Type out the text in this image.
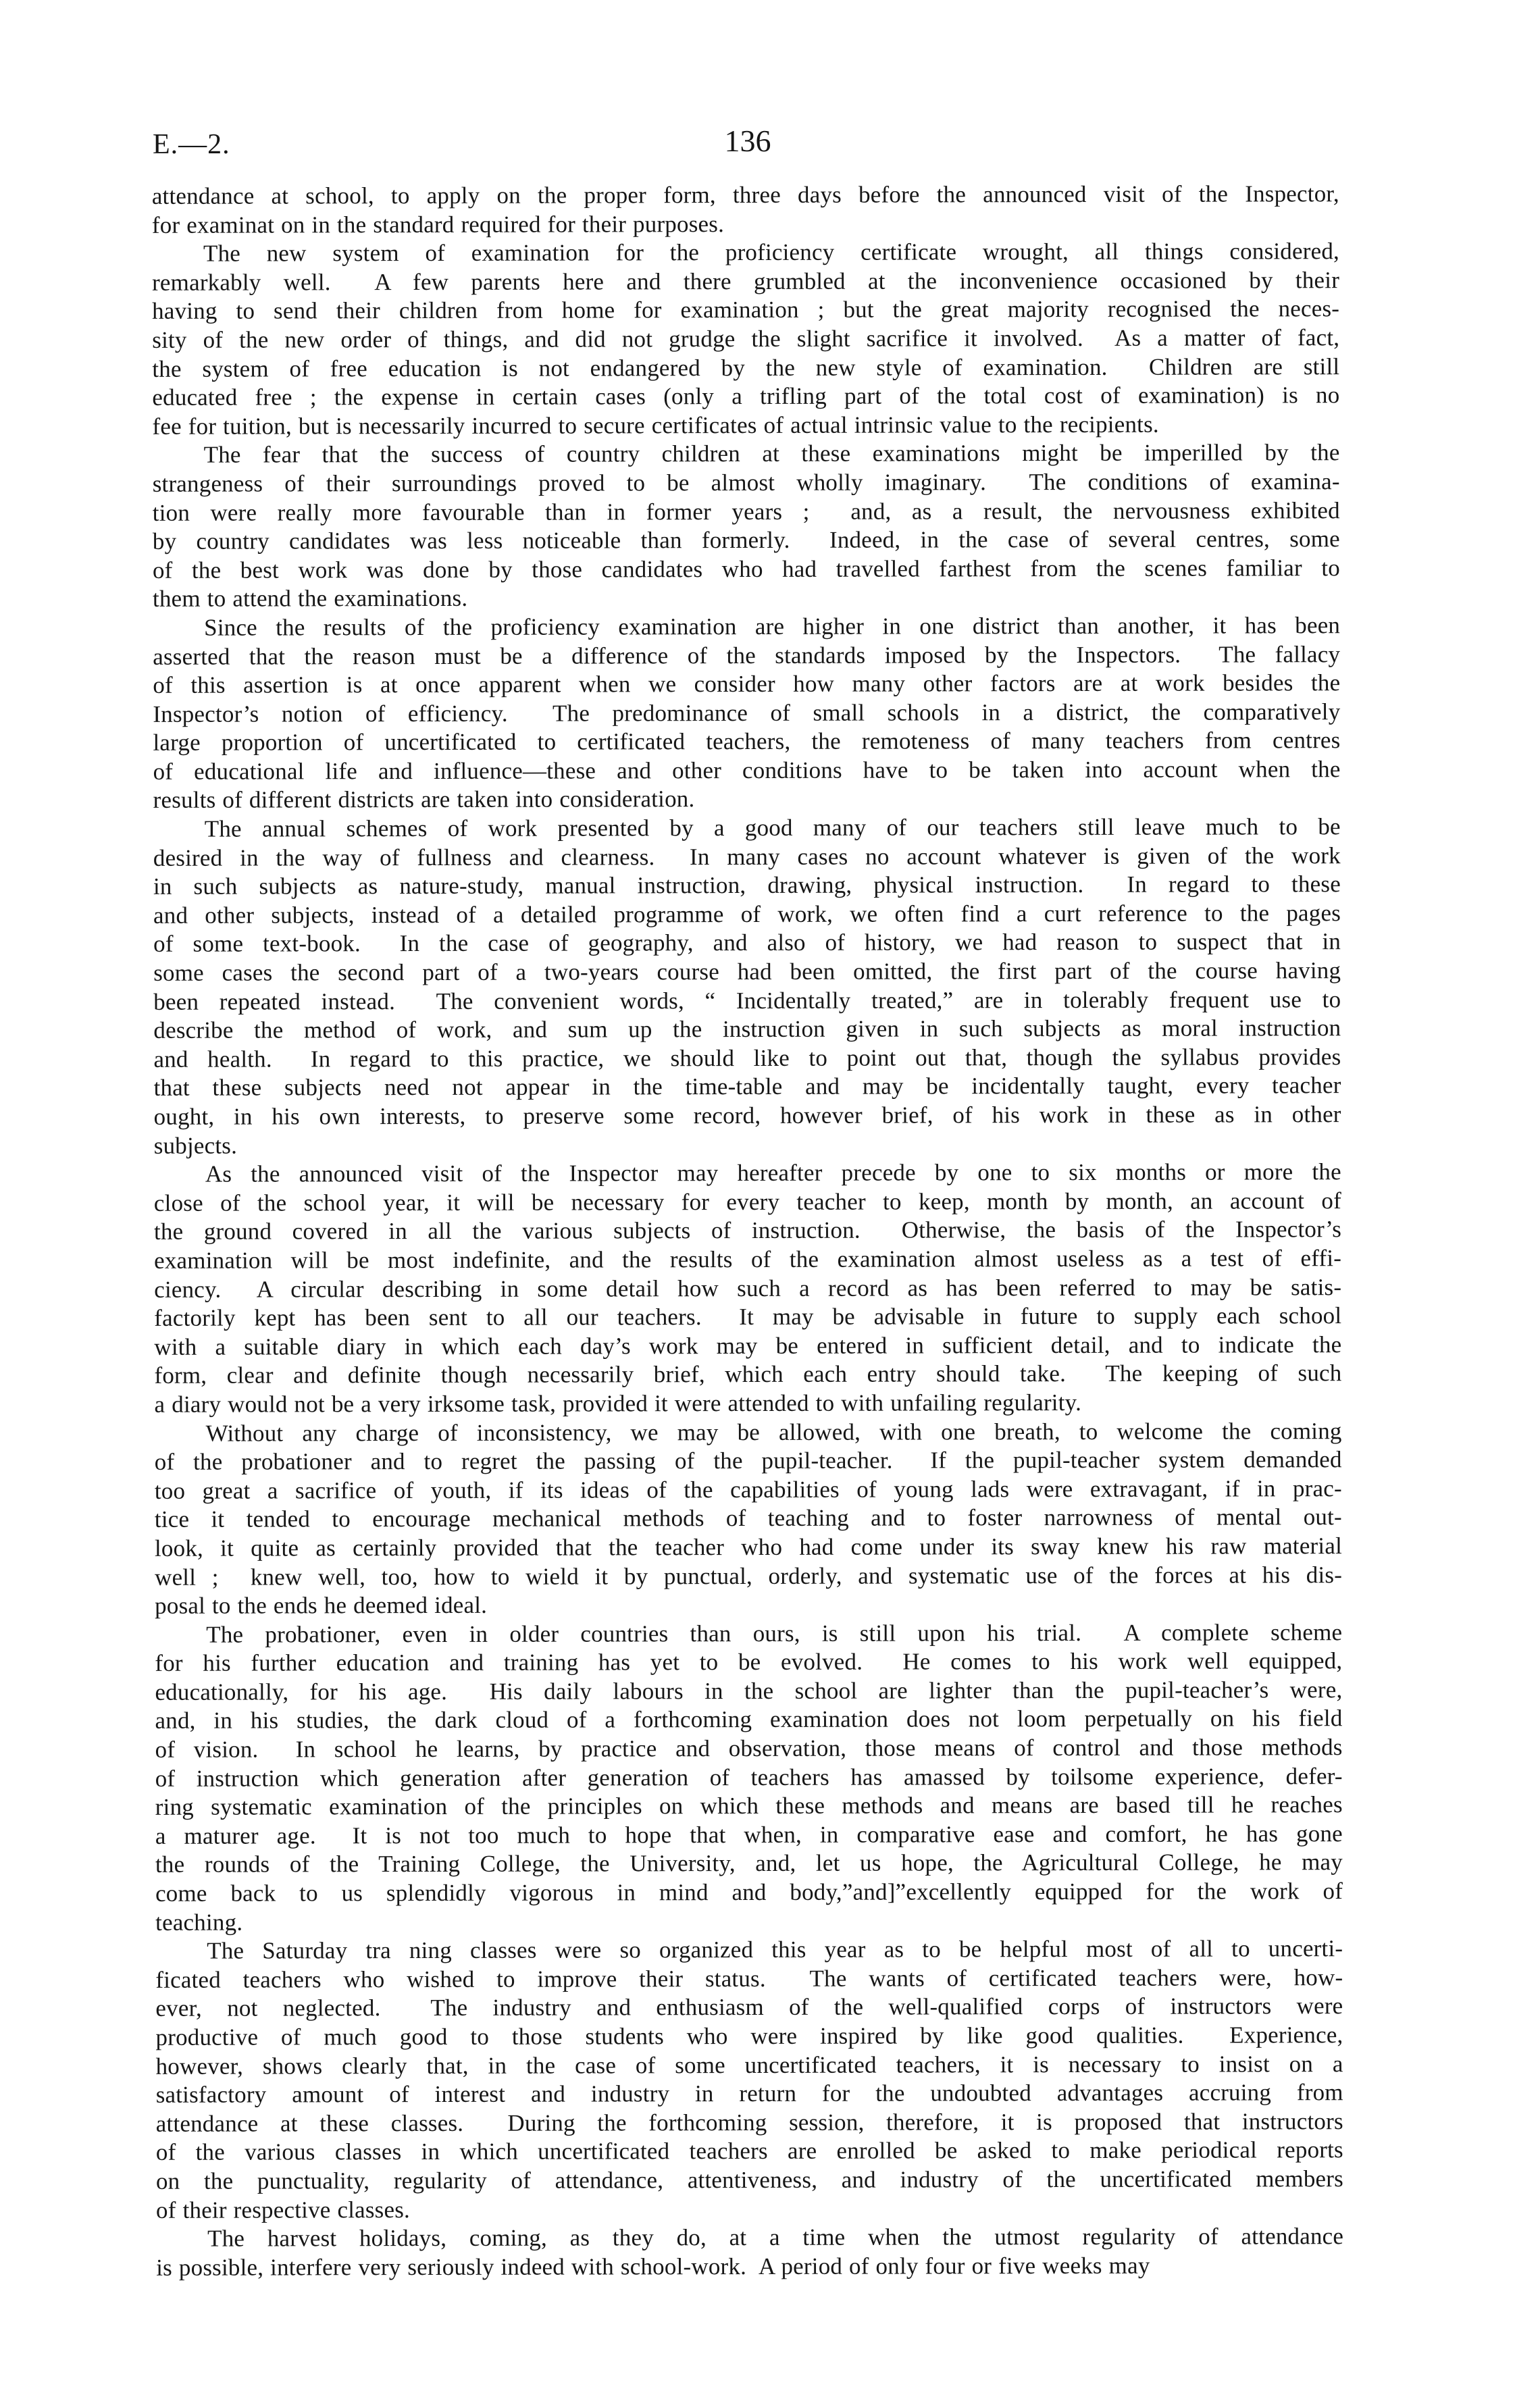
E.—2.	136
attendance at school, to apply on the proper form, three days before the announced visit of the Inspector,
for examinat on in the standard required for their purposes.
The new system of examination for the proficiency certificate wrought, all things considered,
remarkably well.  A few parents here and there grumbled at the inconvenience occasioned by their
having to send their children from home for examination ; but the great majority recognised the neces-
sity of the new order of things, and did not grudge the slight sacrifice it involved.  As a matter of fact,
the system of free education is not endangered by the new style of examination.  Children are still
educated free ; the expense in certain cases (only a trifling part of the total cost of examination) is no
fee for tuition, but is necessarily incurred to secure certificates of actual intrinsic value to the recipients.
The fear that the success of country children at these examinations might be imperilled by the
strangeness of their surroundings proved to be almost wholly imaginary.  The conditions of examina-
tion were really more favourable than in former years ;  and, as a result, the nervousness exhibited
by country candidates was less noticeable than formerly.  Indeed, in the case of several centres, some
of the best work was done by those candidates who had travelled farthest from the scenes familiar to
them to attend the examinations.
Since the results of the proficiency examination are higher in one district than another, it has been
asserted that the reason must be a difference of the standards imposed by the Inspectors.  The fallacy
of this assertion is at once apparent when we consider how many other factors are at work besides the
Inspector’s notion of efficiency.  The predominance of small schools in a district, the comparatively
large proportion of uncertificated to certificated teachers, the remoteness of many teachers from centres
of educational life and influence—these and other conditions have to be taken into account when the
results of different districts are taken into consideration.
The annual schemes of work presented by a good many of our teachers still leave much to be
desired in the way of fullness and clearness.  In many cases no account whatever is given of the work
in such subjects as nature-study, manual instruction, drawing, physical instruction.  In regard to these
and other subjects, instead of a detailed programme of work, we often find a curt reference to the pages
of some text-book.  In the case of geography, and also of history, we had reason to suspect that in
some cases the second part of a two-years course had been omitted, the first part of the course having
been repeated instead.  The convenient words, “ Incidentally treated,” are in tolerably frequent use to
describe the method of work, and sum up the instruction given in such subjects as moral instruction
and health.  In regard to this practice, we should like to point out that, though the syllabus provides
that these subjects need not appear in the time-table and may be incidentally taught, every teacher
ought, in his own interests, to preserve some record, however brief, of his work in these as in other
subjects.
As the announced visit of the Inspector may hereafter precede by one to six months or more the
close of the school year, it will be necessary for every teacher to keep, month by month, an account of
the ground covered in all the various subjects of instruction.  Otherwise, the basis of the Inspector’s
examination will be most indefinite, and the results of the examination almost useless as a test of effi-
ciency.  A circular describing in some detail how such a record as has been referred to may be satis-
factorily kept has been sent to all our teachers.  It may be advisable in future to supply each school
with a suitable diary in which each day’s work may be entered in sufficient detail, and to indicate the
form, clear and definite though necessarily brief, which each entry should take.  The keeping of such
a diary would not be a very irksome task, provided it were attended to with unfailing regularity.
Without any charge of inconsistency, we may be allowed, with one breath, to welcome the coming
of the probationer and to regret the passing of the pupil-teacher.  If the pupil-teacher system demanded
too great a sacrifice of youth, if its ideas of the capabilities of young lads were extravagant, if in prac-
tice it tended to encourage mechanical methods of teaching and to foster narrowness of mental out-
look, it quite as certainly provided that the teacher who had come under its sway knew his raw material
well ;  knew well, too, how to wield it by punctual, orderly, and systematic use of the forces at his dis-
posal to the ends he deemed ideal.
The probationer, even in older countries than ours, is still upon his trial.  A complete scheme
for his further education and training has yet to be evolved.  He comes to his work well equipped,
educationally, for his age.  His daily labours in the school are lighter than the pupil-teacher’s were,
and, in his studies, the dark cloud of a forthcoming examination does not loom perpetually on his field
of vision.  In school he learns, by practice and observation, those means of control and those methods
of instruction which generation after generation of teachers has amassed by toilsome experience, defer-
ring systematic examination of the principles on which these methods and means are based till he reaches
a maturer age.  It is not too much to hope that when, in comparative ease and comfort, he has gone
the rounds of the Training College, the University, and, let us hope, the Agricultural College, he may
come back to us splendidly vigorous in mind and body,”and]”excellently equipped for the work of
teaching.
The Saturday tra ning classes were so organized this year as to be helpful most of all to uncerti-
ficated teachers who wished to improve their status.  The wants of certificated teachers were, how-
ever, not neglected.  The industry and enthusiasm of the well-qualified corps of instructors were
productive of much good to those students who were inspired by like good qualities.  Experience,
however, shows clearly that, in the case of some uncertificated teachers, it is necessary to insist on a
satisfactory amount of interest and industry in return for the undoubted advantages accruing from
attendance at these classes.  During the forthcoming session, therefore, it is proposed that instructors
of the various classes in which uncertificated teachers are enrolled be asked to make periodical reports
on the punctuality, regularity of attendance, attentiveness, and industry of the uncertificated members
of their respective classes.
The harvest holidays, coming, as they do, at a time when the utmost regularity of attendance
is possible, interfere very seriously indeed with school-work.  A period of only four or five weeks may
